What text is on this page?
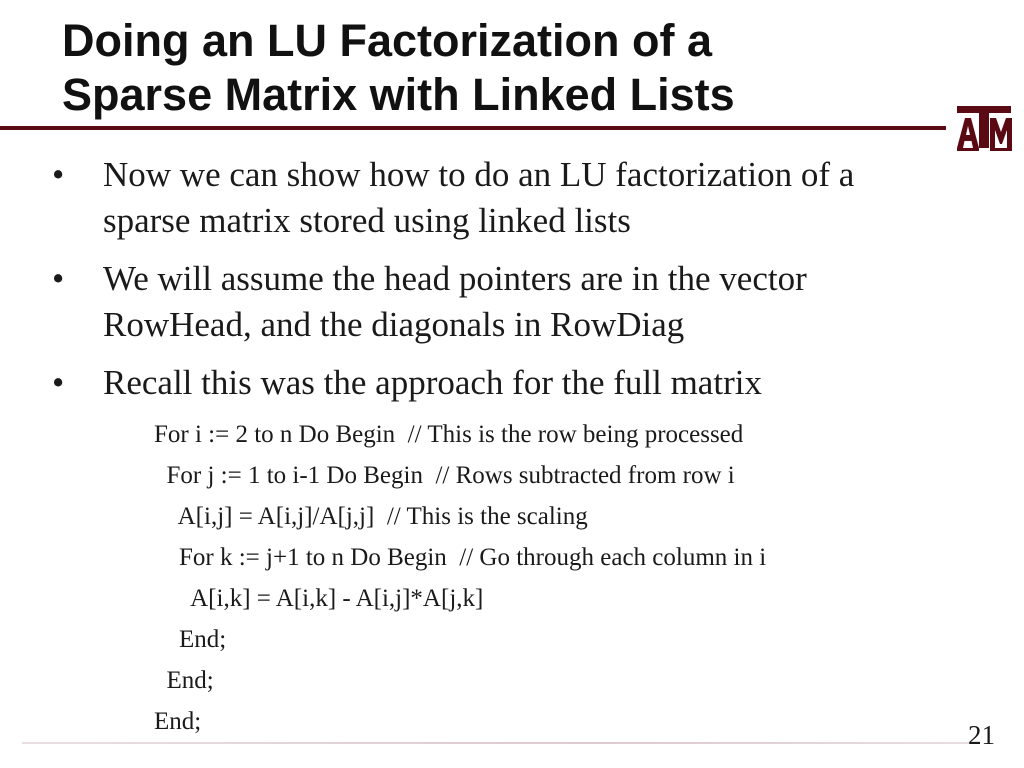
Doing an LU Factorization of a
Sparse Matrix with Linked Lists
• Now we can show how to do an LU factorization of a sparse matrix stored using linked lists
• We will assume the head pointers are in the vector RowHead, and the diagonals in RowDiag
• Recall this was the approach for the full matrix
For i := 2 to n Do Begin  // This is the row being processed
For j := 1 to i-1 Do Begin  // Rows subtracted from row i
A[i,j] = A[i,j]/A[j,j]  // This is the scaling
For k := j+1 to n Do Begin  // Go through each column in i
A[i,k] = A[i,k] - A[i,j]*A[j,k]
End;
End;
End;	21
